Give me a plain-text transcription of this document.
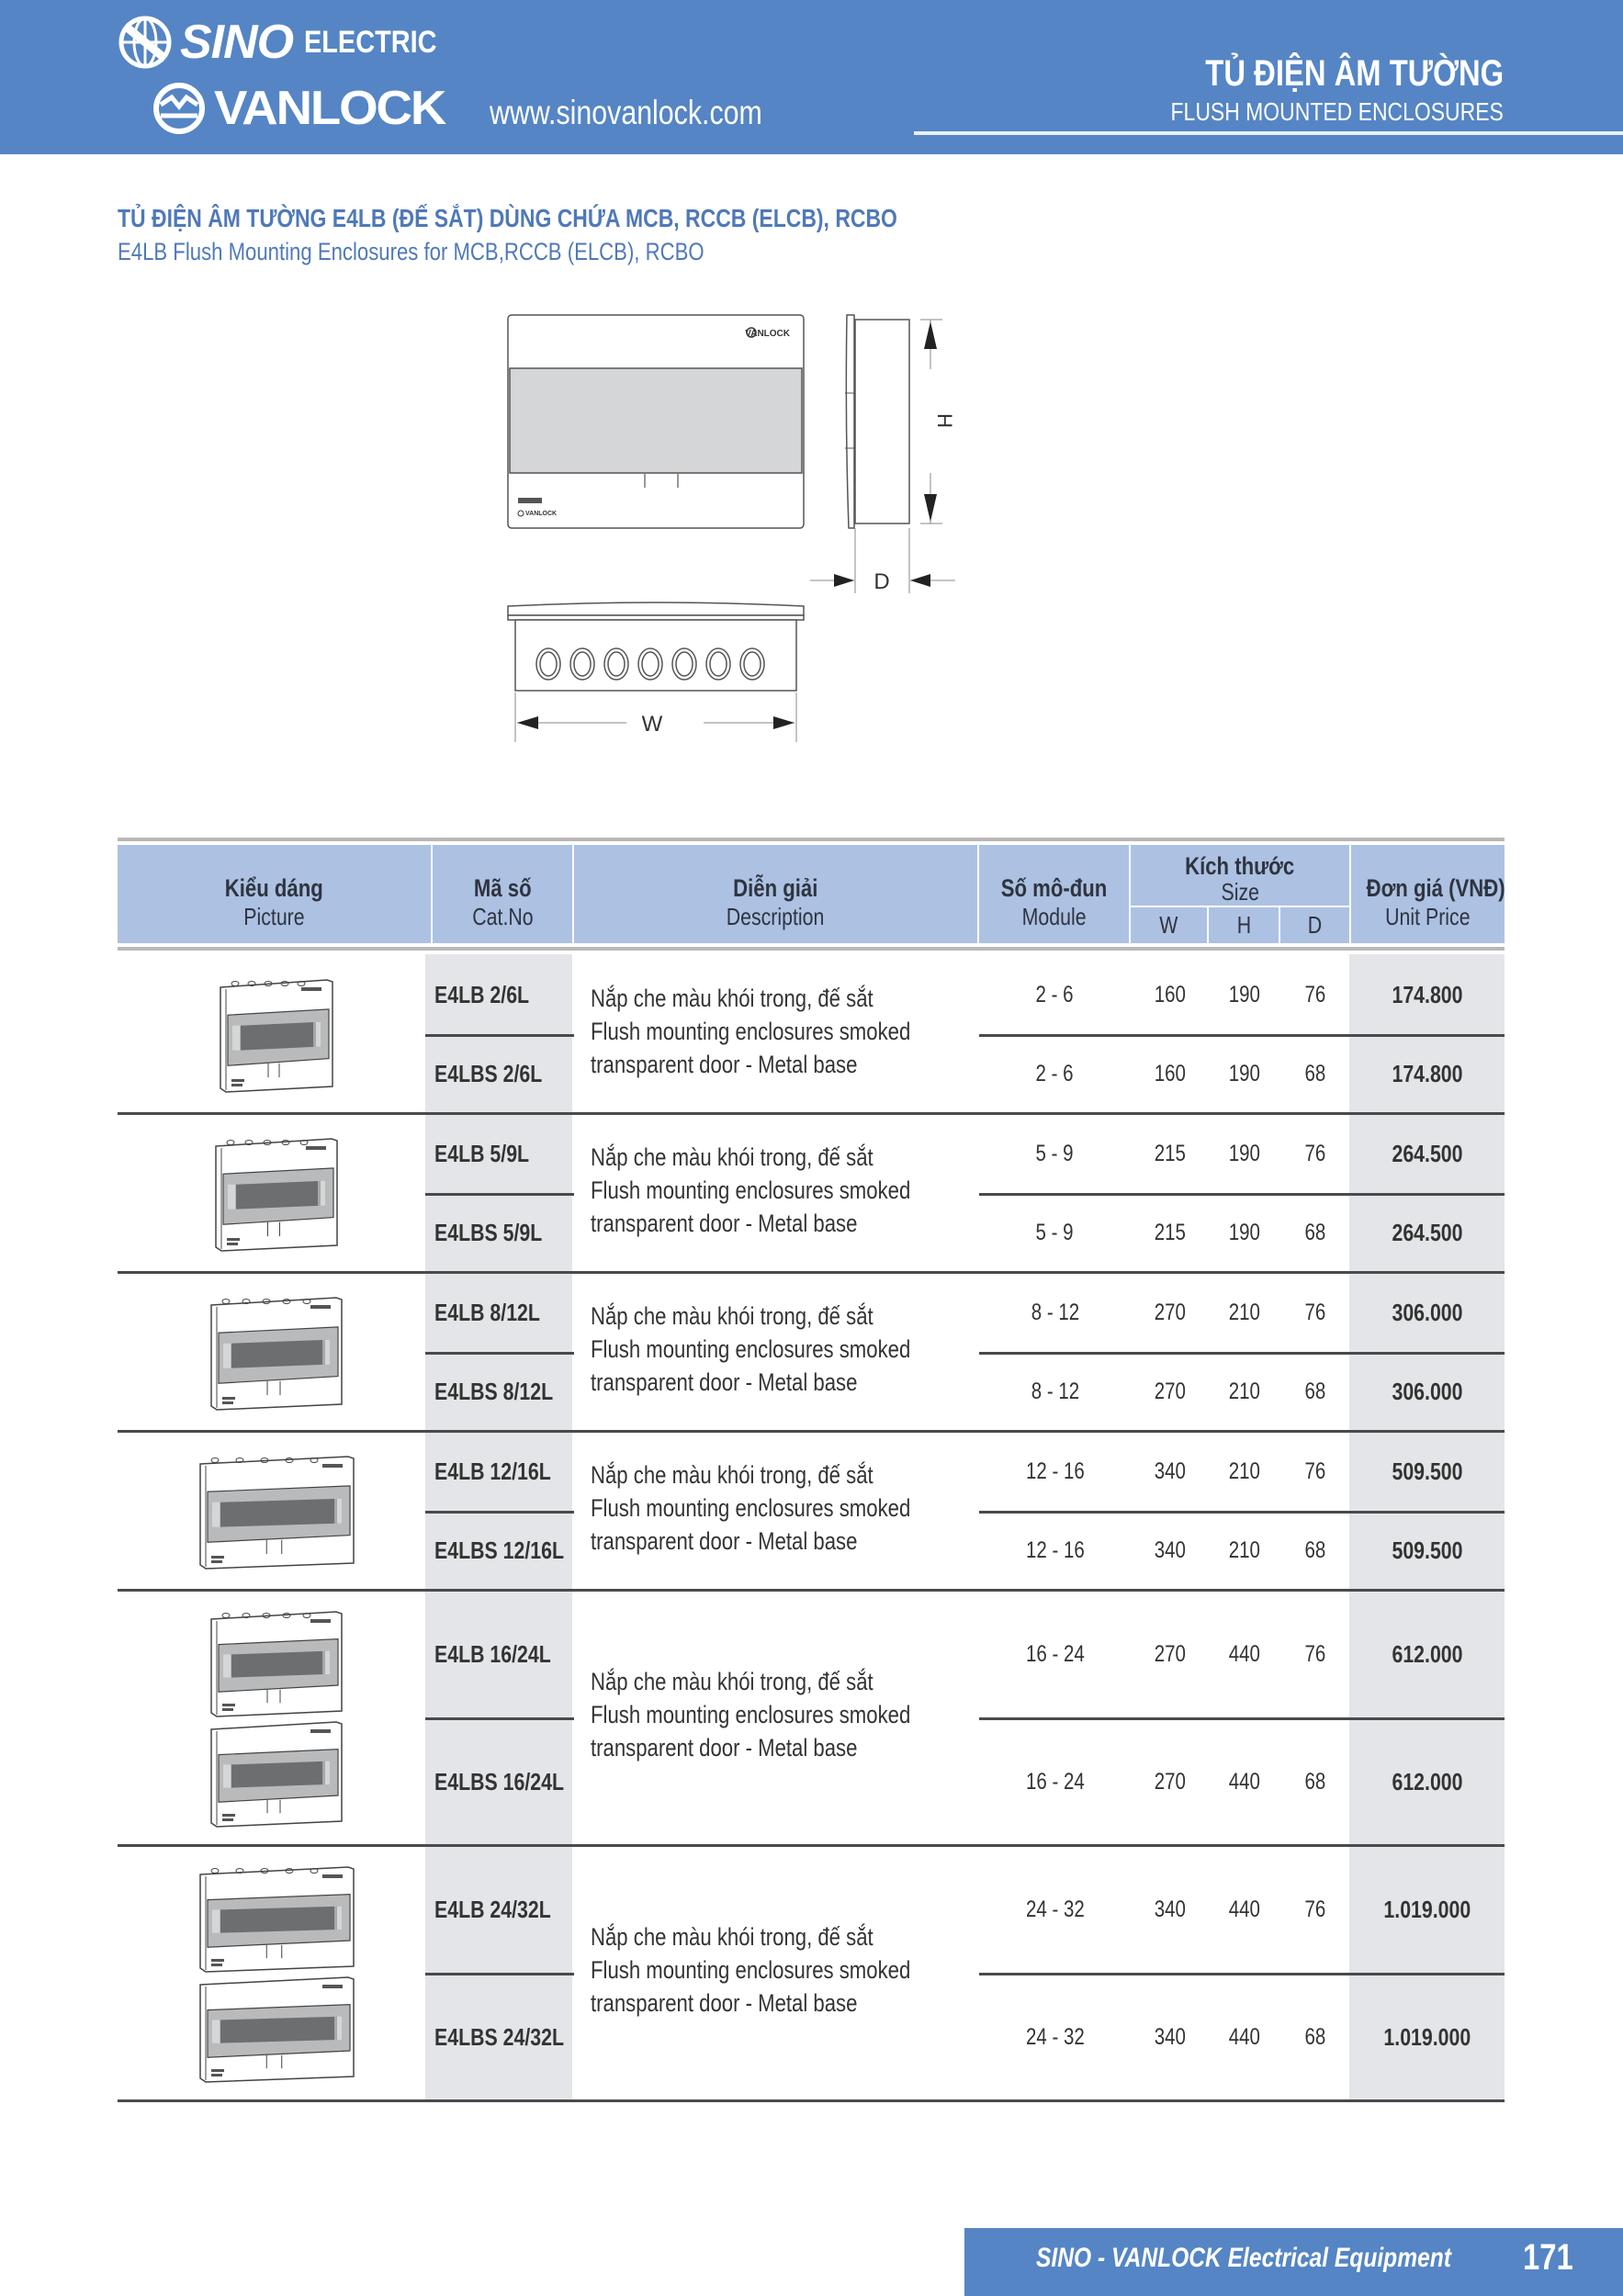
SINO ELECTRIC
VANLOCK www.sinovanlock.com
TỦ ĐIỆN ÂM TƯỜNG
FLUSH MOUNTED ENCLOSURES
TỦ ĐIỆN ÂM TƯỜNG E4LB (ĐẾ SẮT) DÙNG CHỨA MCB, RCCB (ELCB), RCBO
E4LB Flush Mounting Enclosures for MCB,RCCB (ELCB), RCBO
VANLOCK
VANLOCK
H
D
W
Kiểu dáng
Picture
Mã số
Cat.No
Diễn giải
Description
Số mô-đun
Module
Kích thước
Size
W	H	D
Đơn giá (VNĐ)
Unit Price
Nắp che màu khói trong, đế sắt
Flush mounting enclosures smoked
transparent door - Metal base
E4LB 2/6L	2 - 6	160 190 76	174.800
E4LBS 2/6L	2 - 6	160 190 68	174.800
Nắp che màu khói trong, đế sắt
Flush mounting enclosures smoked
transparent door - Metal base
E4LB 5/9L	5 - 9	215 190 76	264.500
E4LBS 5/9L	5 - 9	215 190 68	264.500
Nắp che màu khói trong, đế sắt
Flush mounting enclosures smoked
transparent door - Metal base
E4LB 8/12L	8 - 12	270 210 76	306.000
E4LBS 8/12L	8 - 12	270 210 68	306.000
Nắp che màu khói trong, đế sắt
Flush mounting enclosures smoked
transparent door - Metal base
E4LB 12/16L	12 - 16	340 210 76	509.500
E4LBS 12/16L	12 - 16	340 210 68	509.500
Nắp che màu khói trong, đế sắt
Flush mounting enclosures smoked
transparent door - Metal base
E4LB 16/24L	16 - 24	270 440 76	612.000
E4LBS 16/24L	16 - 24	270 440 68	612.000
Nắp che màu khói trong, đế sắt
Flush mounting enclosures smoked
transparent door - Metal base
E4LB 24/32L	24 - 32	340 440 76 1.019.000
E4LBS 24/32L	24 - 32	340 440 68 1.019.000
SINO - VANLOCK Electrical Equipment	171
